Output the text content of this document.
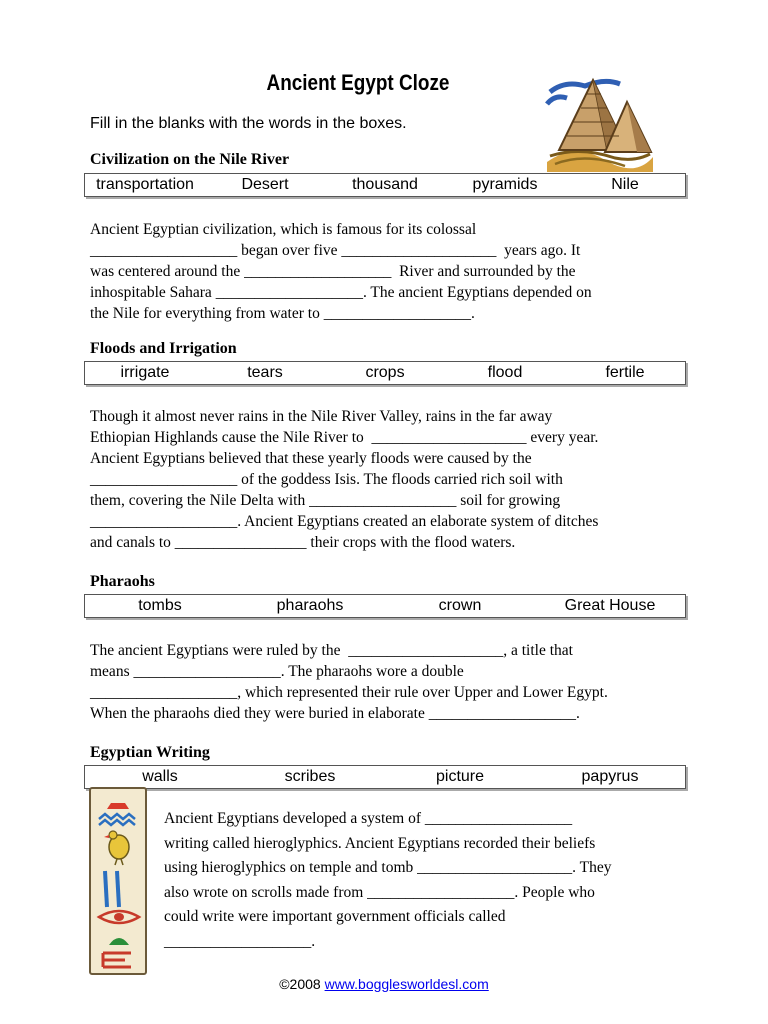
Ancient Egypt Cloze
Fill in the blanks with the words in the boxes.
Civilization on the Nile River
transportation	Desert	thousand	pyramids	Nile
Ancient Egyptian civilization, which is famous for its colossal
___________________ began over five ____________________  years ago. It
was centered around the ___________________  River and surrounded by the
inhospitable Sahara ___________________. The ancient Egyptians depended on
the Nile for everything from water to ___________________.
Floods and Irrigation
irrigate	tears	crops	flood	fertile
Though it almost never rains in the Nile River Valley, rains in the far away
Ethiopian Highlands cause the Nile River to  ____________________ every year.
Ancient Egyptians believed that these yearly floods were caused by the
___________________ of the goddess Isis. The floods carried rich soil with
them, covering the Nile Delta with ___________________ soil for growing
___________________. Ancient Egyptians created an elaborate system of ditches
and canals to _________________ their crops with the flood waters.
Pharaohs
tombs	pharaohs	crown	Great House
The ancient Egyptians were ruled by the  ____________________, a title that
means ___________________. The pharaohs wore a double
___________________, which represented their rule over Upper and Lower Egypt.
When the pharaohs died they were buried in elaborate ___________________.
Egyptian Writing
walls	scribes	picture	papyrus
Ancient Egyptians developed a system of ___________________
writing called hieroglyphics. Ancient Egyptians recorded their beliefs
using hieroglyphics on temple and tomb ____________________. They
also wrote on scrolls made from ___________________. People who
could write were important government officials called
___________________.
©2008 www.bogglesworldesl.com
